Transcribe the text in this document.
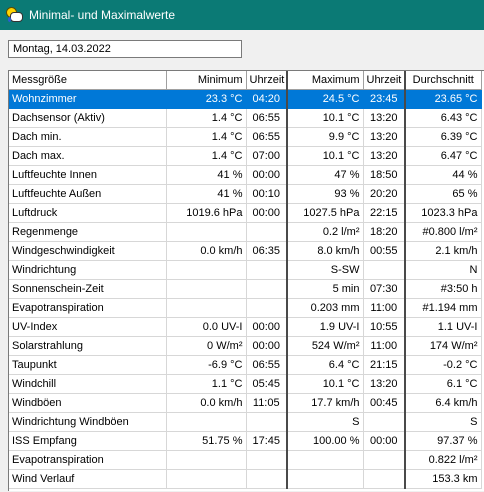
Minimal- und Maximalwerte
Montag, 14.03.2022
Messgröße	Minimum	Uhrzeit	Maximum	Uhrzeit	Durchschnitt
Wohnzimmer	23.3 °C	04:20	24.5 °C	23:45	23.65 °C
Dachsensor (Aktiv)	1.4 °C	06:55	10.1 °C	13:20	6.43 °C
Dach min.	1.4 °C	06:55	9.9 °C	13:20	6.39 °C
Dach max.	1.4 °C	07:00	10.1 °C	13:20	6.47 °C
Luftfeuchte Innen	41 %	00:00	47 %	18:50	44 %
Luftfeuchte Außen	41 %	00:10	93 %	20:20	65 %
Luftdruck	1019.6 hPa	00:00	1027.5 hPa	22:15	1023.3 hPa
Regenmenge			0.2 l/m²	18:20	#0.800 l/m²
Windgeschwindigkeit	0.0 km/h	06:35	8.0 km/h	00:55	2.1 km/h
Windrichtung			S-SW		N
Sonnenschein-Zeit			5 min	07:30	#3:50 h
Evapotranspiration			0.203 mm	11:00	#1.194 mm
UV-Index	0.0 UV-I	00:00	1.9 UV-I	10:55	1.1 UV-I
Solarstrahlung	0 W/m²	00:00	524 W/m²	11:00	174 W/m²
Taupunkt	-6.9 °C	06:55	6.4 °C	21:15	-0.2 °C
Windchill	1.1 °C	05:45	10.1 °C	13:20	6.1 °C
Windböen	0.0 km/h	11:05	17.7 km/h	00:45	6.4 km/h
Windrichtung Windböen			S		S
ISS Empfang	51.75 %	17:45	100.00 %	00:00	97.37 %
Evapotranspiration					0.822 l/m²
Wind Verlauf					153.3 km
